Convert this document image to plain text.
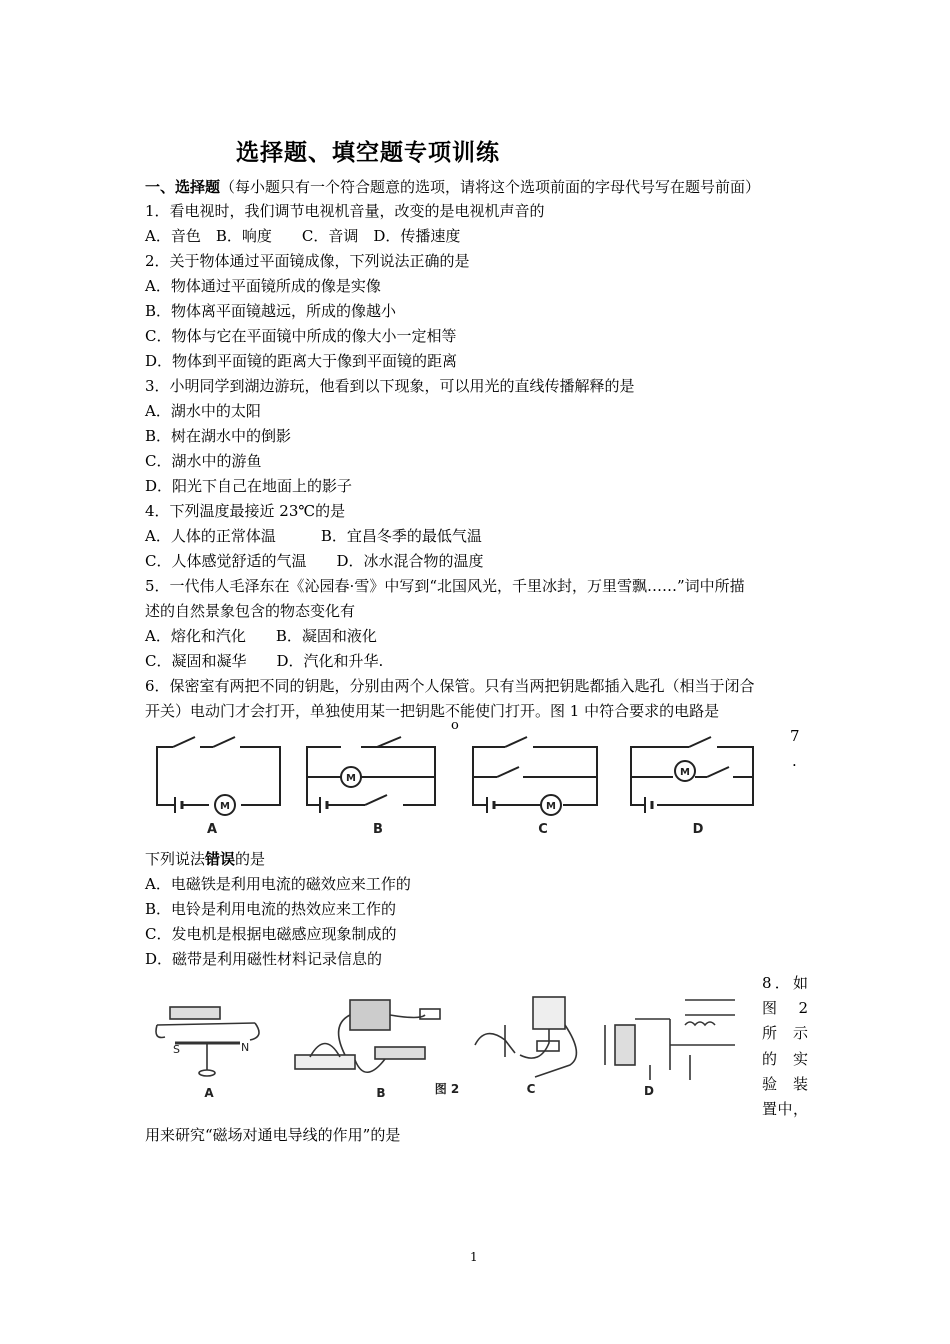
选择题、填空题专项训练
一、选择题（每小题只有一个符合题意的选项，请将这个选项前面的字母代号写在题号前面）
1．看电视时，我们调节电视机音量，改变的是电视机声音的
A．音色　B．响度　　C．音调　D．传播速度
2．关于物体通过平面镜成像，下列说法正确的是
A．物体通过平面镜所成的像是实像
B．物体离平面镜越远，所成的像越小
C．物体与它在平面镜中所成的像大小一定相等
D．物体到平面镜的距离大于像到平面镜的距离
3．小明同学到湖边游玩，他看到以下现象，可以用光的直线传播解释的是
A．湖水中的太阳
B．树在湖水中的倒影
C．湖水中的游鱼
D．阳光下自己在地面上的影子
4．下列温度最接近 23℃的是
A．人体的正常体温　　　B．宜昌冬季的最低气温
C．人体感觉舒适的气温　　D．冰水混合物的温度
5．一代伟人毛泽东在《沁园春·雪》中写到“北国风光，千里冰封，万里雪飘……”词中所描
述的自然景象包含的物态变化有
A．熔化和汽化　　B．凝固和液化
C．凝固和凝华　　D．汽化和升华.
6．保密室有两把不同的钥匙，分别由两个人保管。只有当两把钥匙都插入匙孔（相当于闭合
开关）电动门才会打开，单独使用某一把钥匙不能使门打开。图 1 中符合要求的电路是
o
M
M
M
M
A	B	C	D
7
.
下列说法错误的是
A．电磁铁是利用电流的磁效应来工作的
B．电铃是利用电流的热效应来工作的
C．发电机是根据电磁感应现象制成的
D．磁带是利用磁性材料记录信息的
S	N
A	B	图 2	C	D
8．如
图　2
所　示
的　实
验　装
置中，
用来研究“磁场对通电导线的作用”的是
1
